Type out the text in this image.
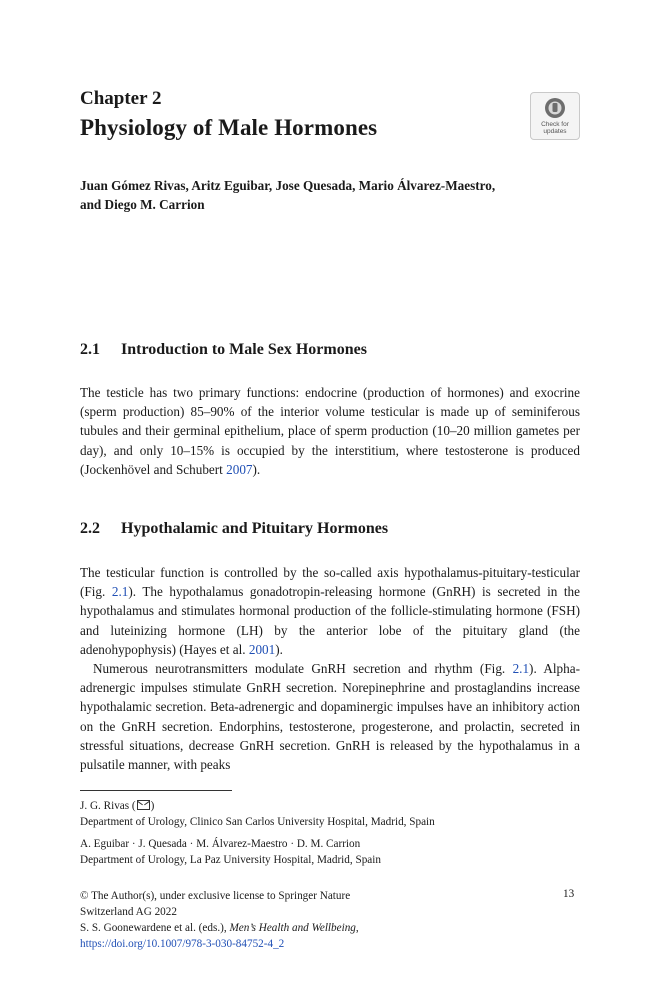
Chapter 2
Physiology of Male Hormones	Check for
updates
Juan Gómez Rivas, Aritz Eguibar, Jose Quesada, Mario Álvarez-Maestro,
and Diego M. Carrion
2.1 Introduction to Male Sex Hormones
The testicle has two primary functions: endocrine (production of hormones) and exocrine (sperm production) 85–90% of the interior volume testicular is made up of seminiferous tubules and their germinal epithelium, place of sperm production (10–20 million gametes per day), and only 10–15% is occupied by the interstitium, where testosterone is produced (Jockenhövel and Schubert 2007).
2.2 Hypothalamic and Pituitary Hormones
The testicular function is controlled by the so-called axis hypothalamus-pituitary-testicular (Fig. 2.1). The hypothalamus gonadotropin-releasing hormone (GnRH) is secreted in the hypothalamus and stimulates hormonal production of the follicle-stimulating hormone (FSH) and luteinizing hormone (LH) by the anterior lobe of the pituitary gland (the adenohypophysis) (Hayes et al. 2001).
Numerous neurotransmitters modulate GnRH secretion and rhythm (Fig. 2.1). Alpha-adrenergic impulses stimulate GnRH secretion. Norepinephrine and prostaglandins increase hypothalamic secretion. Beta-adrenergic and dopaminergic impulses have an inhibitory action on the GnRH secretion. Endorphins, testosterone, progesterone, and prolactin, secreted in stressful situations, decrease GnRH secretion. GnRH is released by the hypothalamus in a pulsatile manner, with peaks
J. G. Rivas ( )
Department of Urology, Clinico San Carlos University Hospital, Madrid, Spain
A. Eguibar · J. Quesada · M. Álvarez-Maestro · D. M. Carrion
Department of Urology, La Paz University Hospital, Madrid, Spain
© The Author(s), under exclusive license to Springer Nature
Switzerland AG 2022
S. S. Goonewardene et al. (eds.), Men’s Health and Wellbeing,
https://doi.org/10.1007/978-3-030-84752-4_2
13
